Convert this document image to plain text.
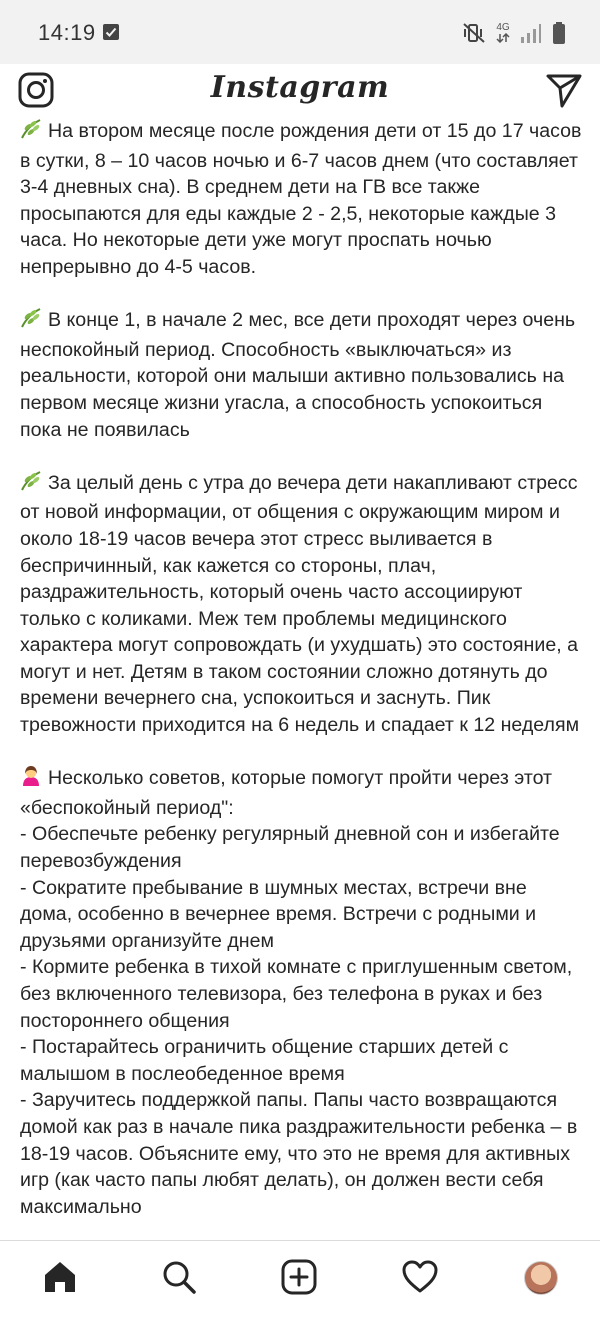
14:19	4G
Instagram

На втором месяце после рождения дети от 15 до 17 часов в сутки, 8 – 10 часов ночью и 6-7 часов днем (что составляет 3-4 дневных сна). В среднем дети на ГВ все также просыпаются для еды каждые 2 - 2,5, некоторые каждые 3 часа. Но некоторые дети уже могут проспать ночью непрерывно до 4-5 часов.

В конце 1, в начале 2 мес, все дети проходят через очень неспокойный период. Способность «выключаться» из реальности, которой они малыши активно пользовались на первом месяце жизни угасла, а способность успокоиться пока не появилась

За целый день с утра до вечера дети накапливают стресс от новой информации, от общения с окружающим миром и около 18-19 часов вечера этот стресс выливается в беспричинный, как кажется со стороны, плач, раздражительность, который очень часто ассоциируют только с коликами. Меж тем проблемы медицинского характера могут сопровождать (и ухудшать) это состояние, а могут и нет. Детям в таком состоянии сложно дотянуть до времени вечернего сна, успокоиться и заснуть. Пик тревожности приходится на 6 недель и спадает к 12 неделям

Несколько советов, которые помогут пройти через этот «беспокойный период":

- Обеспечьте ребенку регулярный дневной сон и избегайте перевозбуждения

- Сократите пребывание в шумных местах, встречи вне дома, особенно в вечернее время. Встречи с родными и друзьями организуйте днем

- Кормите ребенка в тихой комнате с приглушенным светом, без включенного телевизора, без телефона в руках и без постороннего общения

- Постарайтесь ограничить общение старших детей с малышом в послеобеденное время

- Заручитесь поддержкой папы. Папы часто возвращаются домой как раз в начале пика раздражительности ребенка – в 18-19 часов. Объясните ему, что это не время для активных игр (как часто папы любят делать), он должен вести себя максимально
